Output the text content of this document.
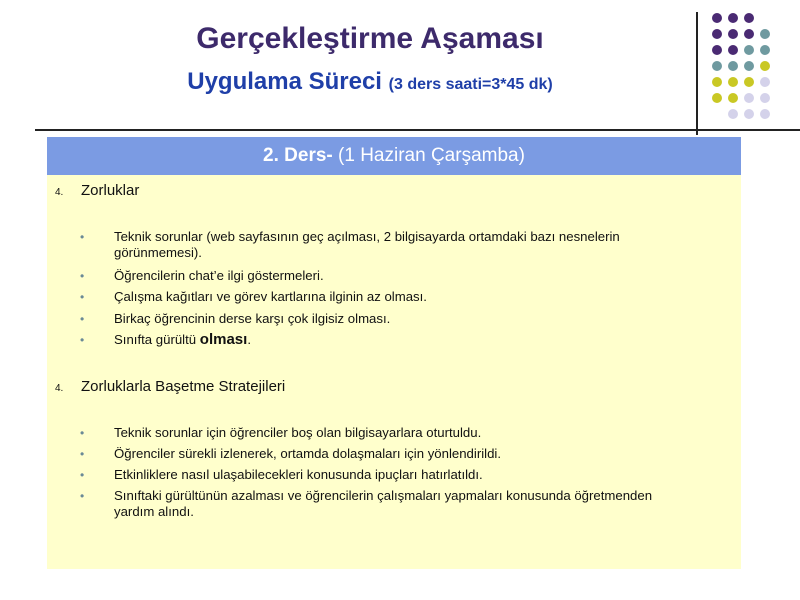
Gerçekleştirme Aşaması
Uygulama Süreci (3 ders saati=3*45 dk)
2. Ders- (1 Haziran Çarşamba)
4. Zorluklar
• Teknik sorunlar (web sayfasının geç açılması, 2 bilgisayarda ortamdaki bazı nesnelerin görünmemesi).
• Öğrencilerin chat’e ilgi göstermeleri.
• Çalışma kağıtları ve görev kartlarına ilginin az olması.
• Birkaç öğrencinin derse karşı çok ilgisiz olması.
• Sınıfta gürültü olması.
4. Zorluklarla Başetme Stratejileri
• Teknik sorunlar için öğrenciler boş olan bilgisayarlara oturtuldu.
• Öğrenciler sürekli izlenerek, ortamda dolaşmaları için yönlendirildi.
• Etkinliklere nasıl ulaşabilecekleri konusunda ipuçları hatırlatıldı.
• Sınıftaki gürültünün azalması ve öğrencilerin çalışmaları yapmaları konusunda öğretmenden yardım alındı.
